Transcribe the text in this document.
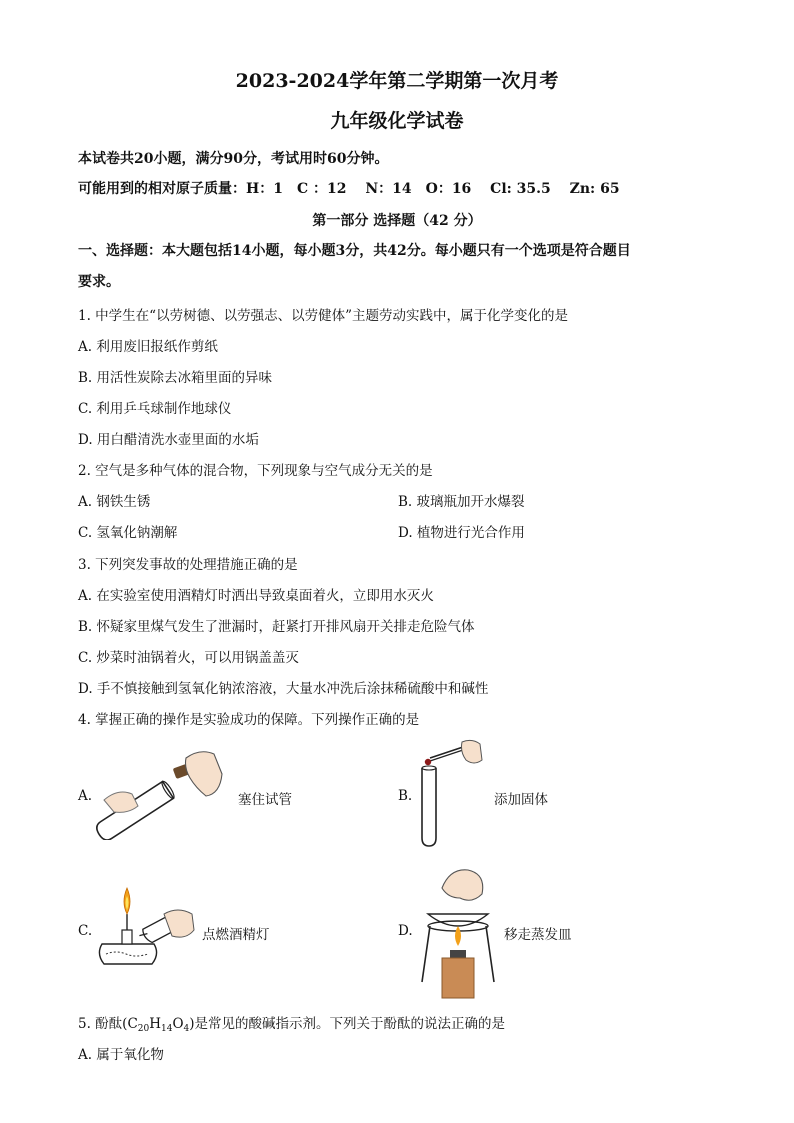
2023-2024学年第二学期第一次月考
九年级化学试卷
本试卷共20小题，满分90分，考试用时60分钟。
可能用到的相对原子质量：H：1　C ：12　 N：14　O：16　 Cl: 35.5　 Zn: 65
第一部分 选择题（42 分）
一、选择题：本大题包括14小题，每小题3分，共42分。每小题只有一个选项是符合题目
要求。
1. 中学生在“以劳树德、以劳强志、以劳健体”主题劳动实践中，属于化学变化的是
A. 利用废旧报纸作剪纸
B. 用活性炭除去冰箱里面的异味
C. 利用乒乓球制作地球仪
D. 用白醋清洗水壶里面的水垢
2. 空气是多种气体的混合物，下列现象与空气成分无关的是
A. 钢铁生锈	B. 玻璃瓶加开水爆裂
C. 氢氧化钠潮解	D. 植物进行光合作用
3. 下列突发事故的处理措施正确的是
A. 在实验室使用酒精灯时洒出导致桌面着火，立即用水灭火
B. 怀疑家里煤气发生了泄漏时，赶紧打开排风扇开关排走危险气体
C. 炒菜时油锅着火，可以用锅盖盖灭
D. 手不慎接触到氢氧化钠浓溶液，大量水冲洗后涂抹稀硫酸中和碱性
4. 掌握正确的操作是实验成功的保障。下列操作正确的是
A.	塞住试管	B.	添加固体
C.	点燃酒精灯	D.	移走蒸发皿
5. 酚酞$(C_{20}H_{14}O_4)$是常见的酸碱指示剂。下列关于酚酞的说法正确的是
A. 属于氧化物
